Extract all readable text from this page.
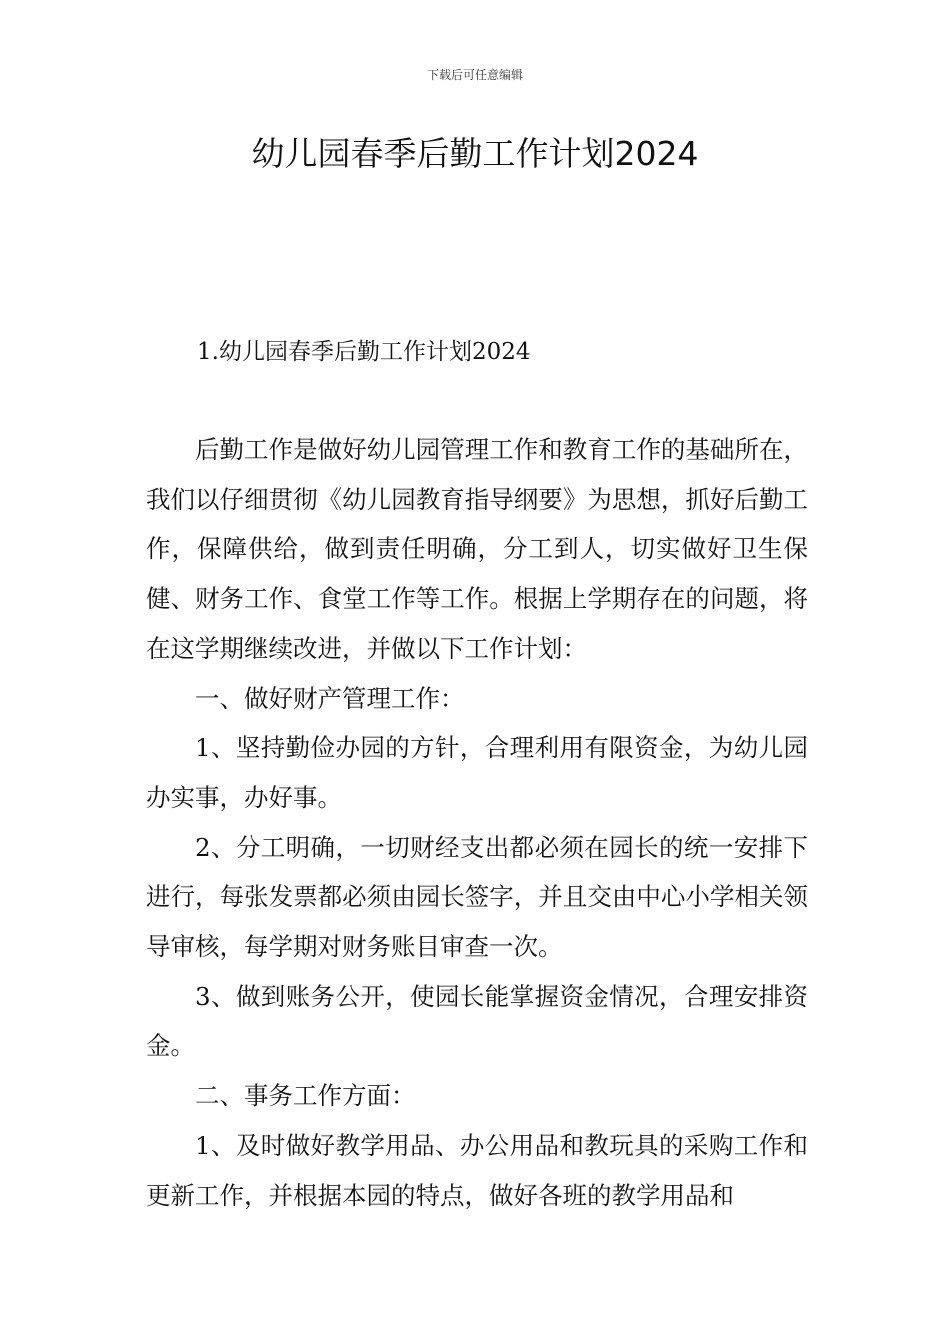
下载后可任意编辑
幼儿园春季后勤工作计划2024
1.幼儿园春季后勤工作计划2024

后勤工作是做好幼儿园管理工作和教育工作的基础所在，我们以仔细贯彻《幼儿园教育指导纲要》为思想，抓好后勤工作，保障供给，做到责任明确，分工到人，切实做好卫生保健、财务工作、食堂工作等工作。根据上学期存在的问题，将在这学期继续改进，并做以下工作计划：

一、做好财产管理工作：

1、坚持勤俭办园的方针，合理利用有限资金，为幼儿园办实事，办好事。

2、分工明确，一切财经支出都必须在园长的统一安排下进行，每张发票都必须由园长签字，并且交由中心小学相关领导审核，每学期对财务账目审查一次。

3、做到账务公开，使园长能掌握资金情况，合理安排资金。

二、事务工作方面：

1、及时做好教学用品、办公用品和教玩具的采购工作和更新工作，并根据本园的特点，做好各班的教学用品和
